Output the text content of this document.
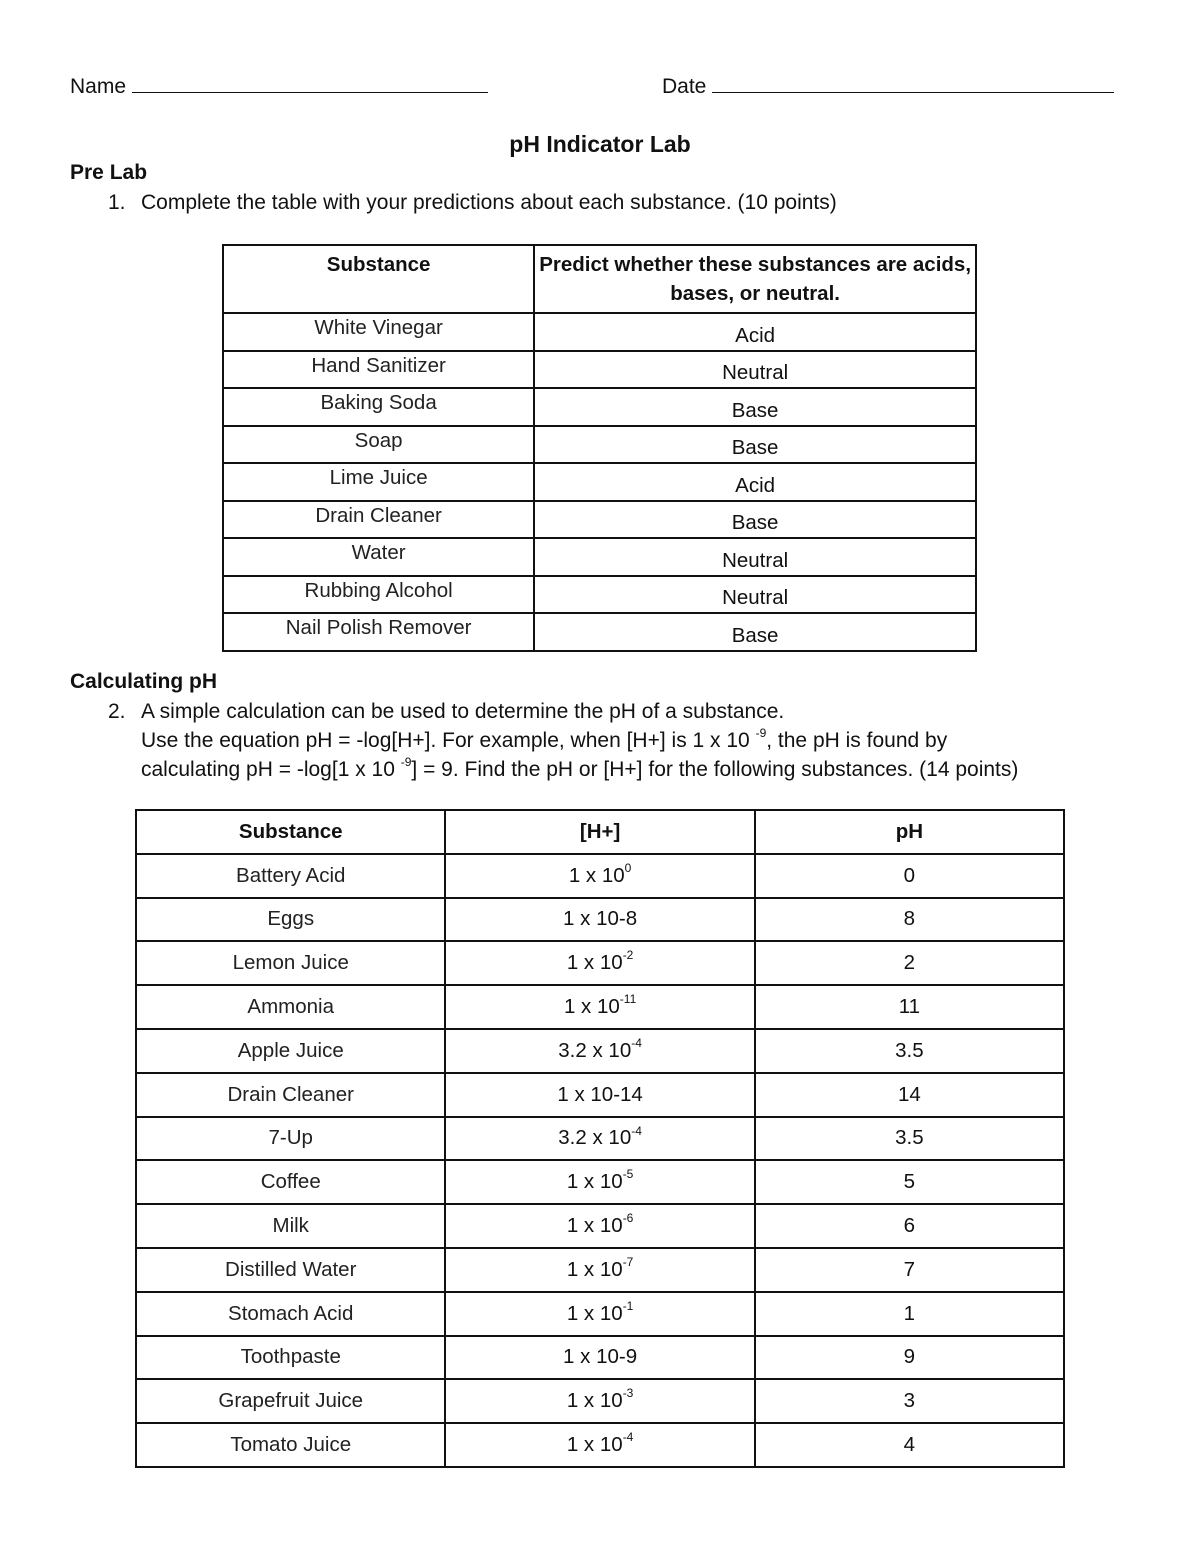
Name	Date
pH Indicator Lab
Pre Lab
1. Complete the table with your predictions about each substance. (10 points)
Substance	Predict whether these substances are acids, bases, or neutral.
White Vinegar	Acid
Hand Sanitizer	Neutral
Baking Soda	Base
Soap	Base
Lime Juice	Acid
Drain Cleaner	Base
Water	Neutral
Rubbing Alcohol	Neutral
Nail Polish Remover	Base
Calculating pH
2. A simple calculation can be used to determine the pH of a substance.
Use the equation pH = -log[H+]. For example, when [H+] is 1 x 10 $^{-9}$, the pH is found by
calculating pH = -log[1 x 10 $^{-9}$] = 9. Find the pH or [H+] for the following substances. (14 points)
Substance	[H+]	pH
Battery Acid	1 x $10^0$	0
Eggs	1 x 10-8	8
Lemon Juice	1 x $10^{-2}$	2
Ammonia	1 x $10^{-11}$	11
Apple Juice	3.2 x $10^{-4}$	3.5
Drain Cleaner	1 x 10-14	14
7-Up	3.2 x $10^{-4}$	3.5
Coffee	1 x $10^{-5}$	5
Milk	1 x $10^{-6}$	6
Distilled Water	1 x $10^{-7}$	7
Stomach Acid	1 x $10^{-1}$	1
Toothpaste	1 x 10-9	9
Grapefruit Juice	1 x $10^{-3}$	3
Tomato Juice	1 x $10^{-4}$	4
